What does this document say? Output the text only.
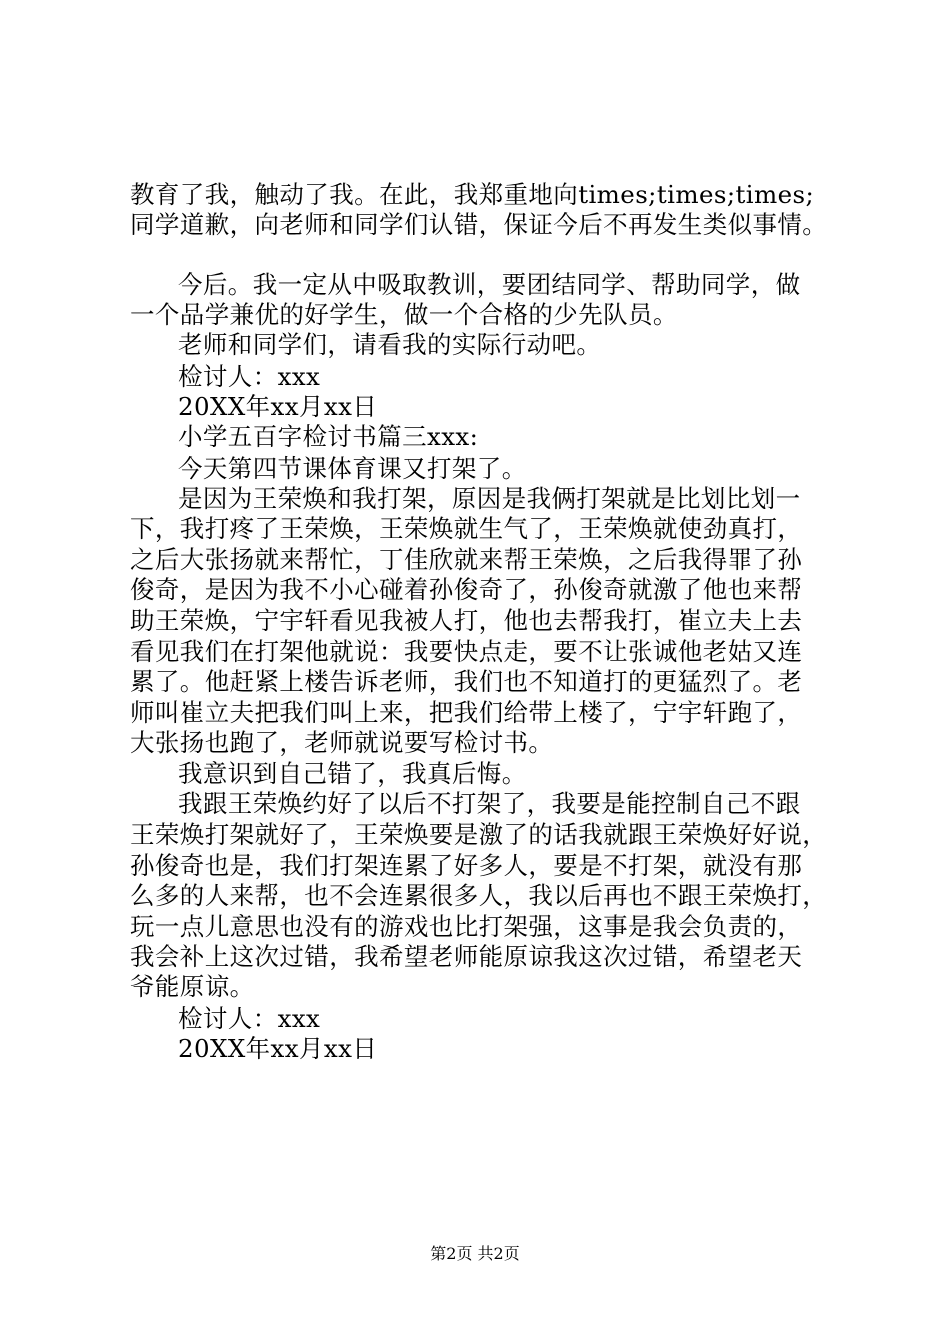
教育了我，触动了我。在此，我郑重地向times;times;times;
同学道歉，向老师和同学们认错，保证今后不再发生类似事情。
今后。我一定从中吸取教训，要团结同学、帮助同学，做
一个品学兼优的好学生，做一个合格的少先队员。
老师和同学们，请看我的实际行动吧。
检讨人：xxx
20XX年xx月xx日
小学五百字检讨书篇三xxx:
今天第四节课体育课又打架了。
是因为王荣焕和我打架，原因是我俩打架就是比划比划一
下，我打疼了王荣焕，王荣焕就生气了，王荣焕就使劲真打，
之后大张扬就来帮忙，丁佳欣就来帮王荣焕，之后我得罪了孙
俊奇，是因为我不小心碰着孙俊奇了，孙俊奇就激了他也来帮
助王荣焕，宁宇轩看见我被人打，他也去帮我打，崔立夫上去
看见我们在打架他就说：我要快点走，要不让张诚他老姑又连
累了。他赶紧上楼告诉老师，我们也不知道打的更猛烈了。老
师叫崔立夫把我们叫上来，把我们给带上楼了，宁宇轩跑了，
大张扬也跑了，老师就说要写检讨书。
我意识到自己错了，我真后悔。
我跟王荣焕约好了以后不打架了，我要是能控制自己不跟
王荣焕打架就好了，王荣焕要是激了的话我就跟王荣焕好好说，
孙俊奇也是，我们打架连累了好多人，要是不打架，就没有那
么多的人来帮，也不会连累很多人，我以后再也不跟王荣焕打，
玩一点儿意思也没有的游戏也比打架强，这事是我会负责的，
我会补上这次过错，我希望老师能原谅我这次过错，希望老天
爷能原谅。
检讨人：xxx
20XX年xx月xx日
第2页 共2页
